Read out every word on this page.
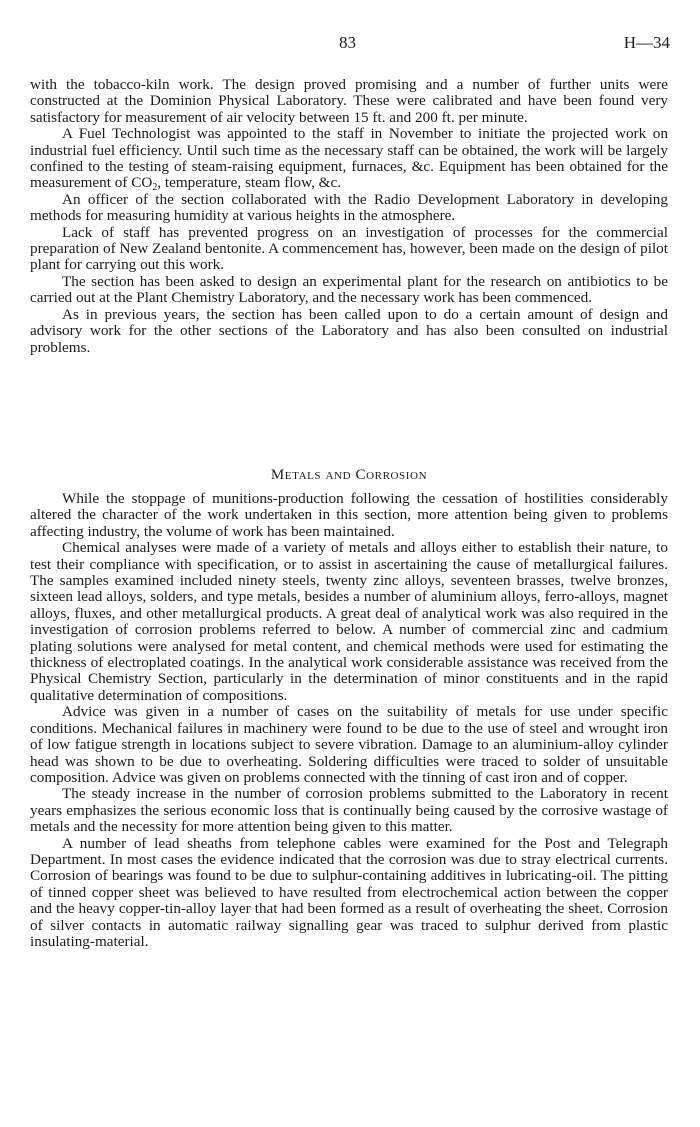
83	H—34

with the tobacco-kiln work. The design proved promising and a number of further units were constructed at the Dominion Physical Laboratory. These were calibrated and have been found very satisfactory for measurement of air velocity between 15 ft. and 200 ft. per minute.

A Fuel Technologist was appointed to the staff in November to initiate the projected work on industrial fuel efficiency. Until such time as the necessary staff can be obtained, the work will be largely confined to the testing of steam-raising equipment, furnaces, &c. Equipment has been obtained for the measurement of $CO_2$, temperature, steam flow, &c.

An officer of the section collaborated with the Radio Development Laboratory in developing methods for measuring humidity at various heights in the atmosphere.

Lack of staff has prevented progress on an investigation of processes for the commercial preparation of New Zealand bentonite. A commencement has, however, been made on the design of pilot plant for carrying out this work.

The section has been asked to design an experimental plant for the research on antibiotics to be carried out at the Plant Chemistry Laboratory, and the necessary work has been commenced.

As in previous years, the section has been called upon to do a certain amount of design and advisory work for the other sections of the Laboratory and has also been consulted on industrial problems.

Metals and Corrosion

While the stoppage of munitions-production following the cessation of hostilities considerably altered the character of the work undertaken in this section, more attention being given to problems affecting industry, the volume of work has been maintained.

Chemical analyses were made of a variety of metals and alloys either to establish their nature, to test their compliance with specification, or to assist in ascertaining the cause of metallurgical failures. The samples examined included ninety steels, twenty zinc alloys, seventeen brasses, twelve bronzes, sixteen lead alloys, solders, and type metals, besides a number of aluminium alloys, ferro-alloys, magnet alloys, fluxes, and other metallurgical products. A great deal of analytical work was also required in the investigation of corrosion problems referred to below. A number of commercial zinc and cadmium plating solutions were analysed for metal content, and chemical methods were used for estimating the thickness of electroplated coatings. In the analytical work considerable assistance was received from the Physical Chemistry Section, particularly in the determination of minor constituents and in the rapid qualitative determination of compositions.

Advice was given in a number of cases on the suitability of metals for use under specific conditions. Mechanical failures in machinery were found to be due to the use of steel and wrought iron of low fatigue strength in locations subject to severe vibration. Damage to an aluminium-alloy cylinder head was shown to be due to overheating. Soldering difficulties were traced to solder of unsuitable composition. Advice was given on problems connected with the tinning of cast iron and of copper.

The steady increase in the number of corrosion problems submitted to the Laboratory in recent years emphasizes the serious economic loss that is continually being caused by the corrosive wastage of metals and the necessity for more attention being given to this matter.

A number of lead sheaths from telephone cables were examined for the Post and Telegraph Department. In most cases the evidence indicated that the corrosion was due to stray electrical currents. Corrosion of bearings was found to be due to sulphur-containing additives in lubricating-oil. The pitting of tinned copper sheet was believed to have resulted from electrochemical action between the copper and the heavy copper-tin-alloy layer that had been formed as a result of overheating the sheet. Corrosion of silver contacts in automatic railway signalling gear was traced to sulphur derived from plastic insulating-material.
